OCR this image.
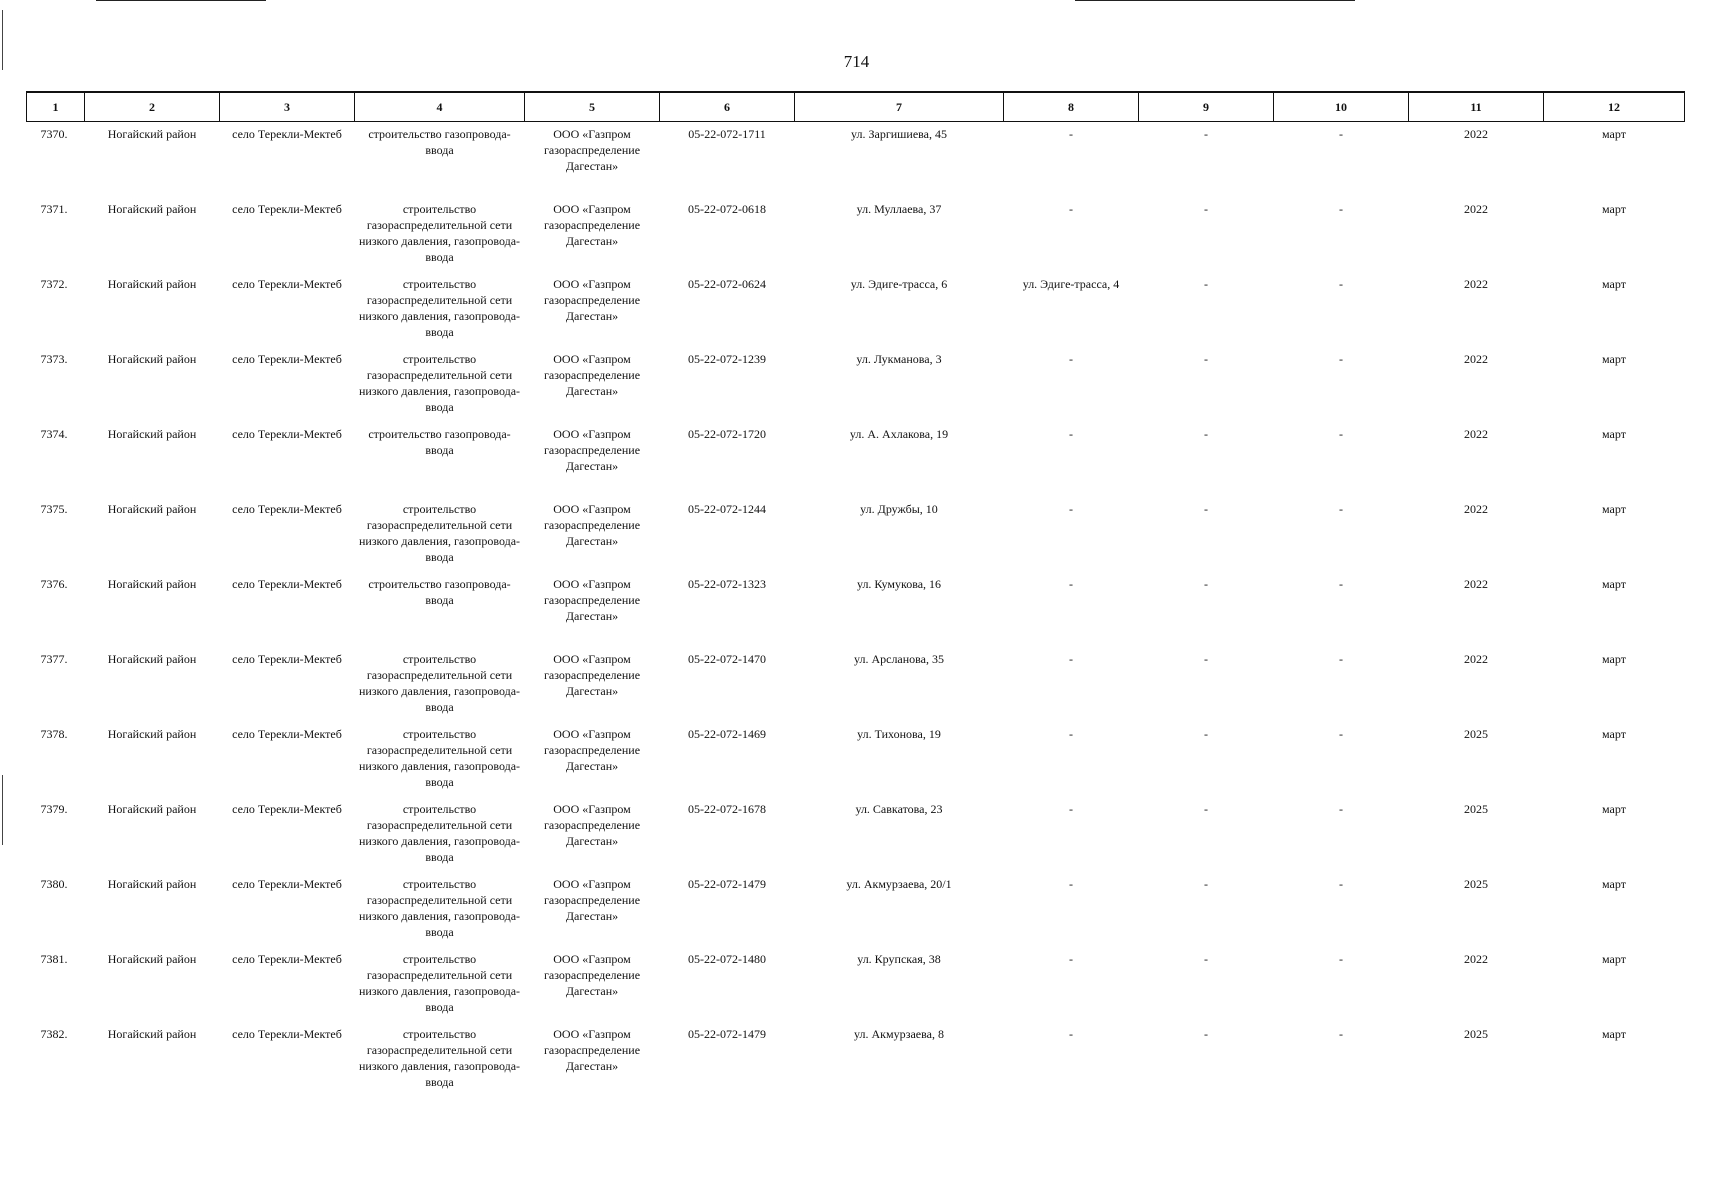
714
1	2	3	4	5	6	7	8	9	10	11	12
7370.	Ногайский район	село Терекли-Мектеб	строительство газопровода-ввода	ООО «Газпром газораспределение Дагестан»	05-22-072-1711	ул. Заргишиева, 45	-	-	-	2022	март
7371.	Ногайский район	село Терекли-Мектеб	строительство газораспределительной сети низкого давления, газопровода-ввода	ООО «Газпром газораспределение Дагестан»	05-22-072-0618	ул. Муллаева, 37	-	-	-	2022	март
7372.	Ногайский район	село Терекли-Мектеб	строительство газораспределительной сети низкого давления, газопровода-ввода	ООО «Газпром газораспределение Дагестан»	05-22-072-0624	ул. Эдиге-трасса, 6	ул. Эдиге-трасса, 4	-	-	2022	март
7373.	Ногайский район	село Терекли-Мектеб	строительство газораспределительной сети низкого давления, газопровода-ввода	ООО «Газпром газораспределение Дагестан»	05-22-072-1239	ул. Лукманова, 3	-	-	-	2022	март
7374.	Ногайский район	село Терекли-Мектеб	строительство газопровода-ввода	ООО «Газпром газораспределение Дагестан»	05-22-072-1720	ул. А. Ахлакова, 19	-	-	-	2022	март
7375.	Ногайский район	село Терекли-Мектеб	строительство газораспределительной сети низкого давления, газопровода-ввода	ООО «Газпром газораспределение Дагестан»	05-22-072-1244	ул. Дружбы, 10	-	-	-	2022	март
7376.	Ногайский район	село Терекли-Мектеб	строительство газопровода-ввода	ООО «Газпром газораспределение Дагестан»	05-22-072-1323	ул. Кумукова, 16	-	-	-	2022	март
7377.	Ногайский район	село Терекли-Мектеб	строительство газораспределительной сети низкого давления, газопровода-ввода	ООО «Газпром газораспределение Дагестан»	05-22-072-1470	ул. Арсланова, 35	-	-	-	2022	март
7378.	Ногайский район	село Терекли-Мектеб	строительство газораспределительной сети низкого давления, газопровода-ввода	ООО «Газпром газораспределение Дагестан»	05-22-072-1469	ул. Тихонова, 19	-	-	-	2025	март
7379.	Ногайский район	село Терекли-Мектеб	строительство газораспределительной сети низкого давления, газопровода-ввода	ООО «Газпром газораспределение Дагестан»	05-22-072-1678	ул. Савкатова, 23	-	-	-	2025	март
7380.	Ногайский район	село Терекли-Мектеб	строительство газораспределительной сети низкого давления, газопровода-ввода	ООО «Газпром газораспределение Дагестан»	05-22-072-1479	ул. Акмурзаева, 20/1	-	-	-	2025	март
7381.	Ногайский район	село Терекли-Мектеб	строительство газораспределительной сети низкого давления, газопровода-ввода	ООО «Газпром газораспределение Дагестан»	05-22-072-1480	ул. Крупская, 38	-	-	-	2022	март
7382.	Ногайский район	село Терекли-Мектеб	строительство газораспределительной сети низкого давления, газопровода-ввода	ООО «Газпром газораспределение Дагестан»	05-22-072-1479	ул. Акмурзаева, 8	-	-	-	2025	март
